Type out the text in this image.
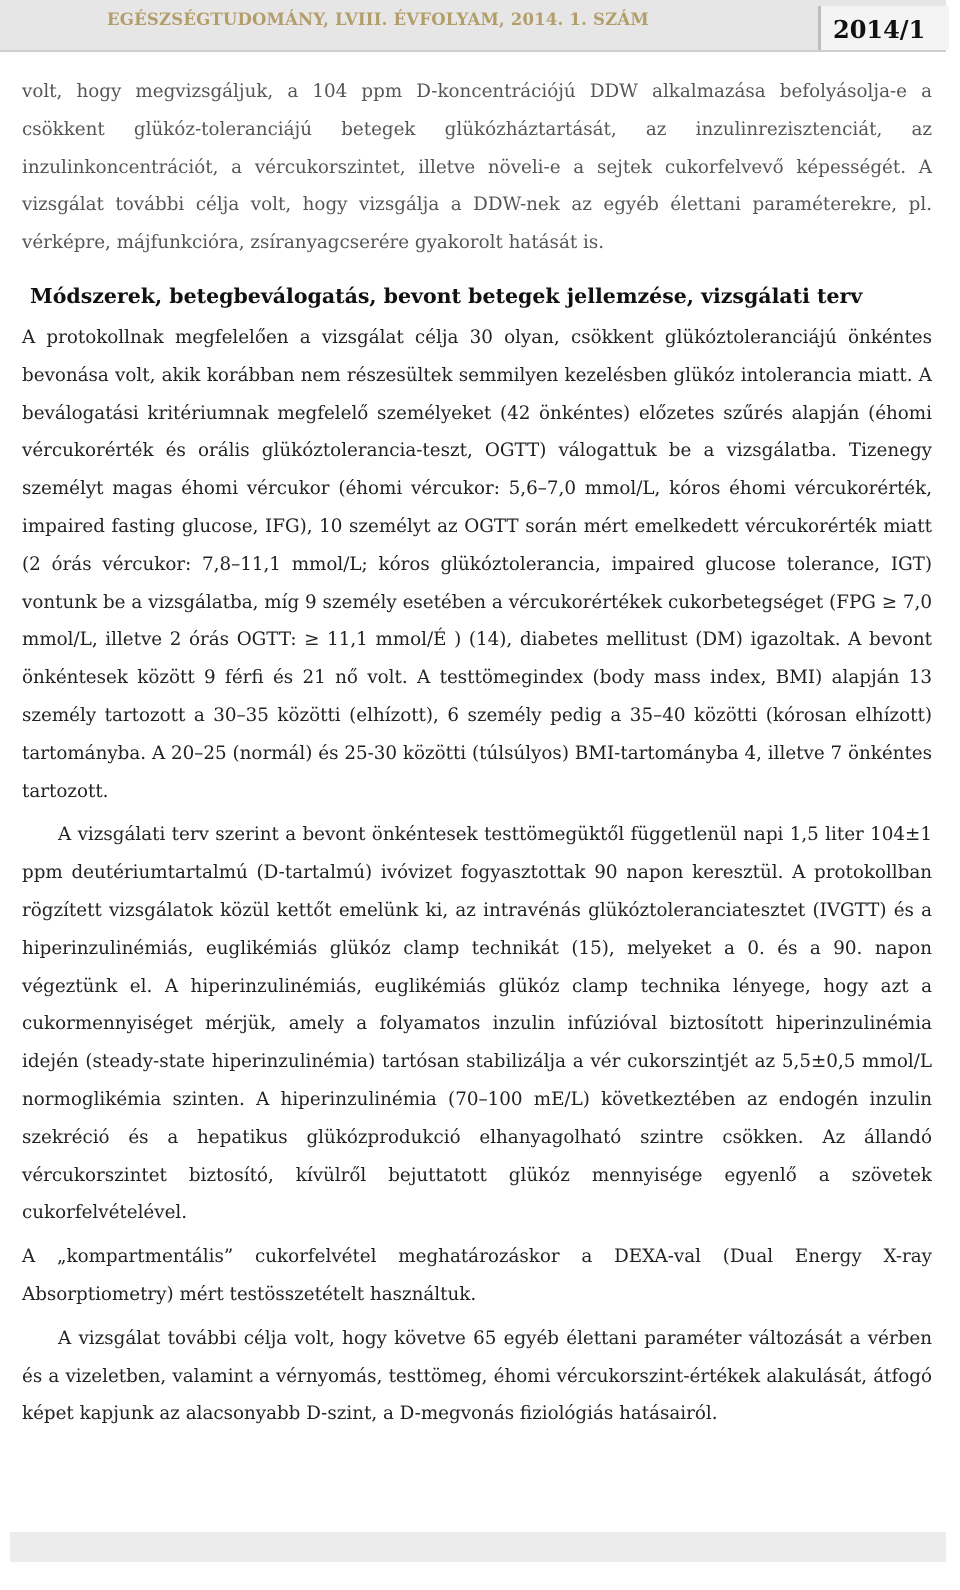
EGÉSZSÉGTUDOMÁNY, LVIII. ÉVFOLYAM, 2014. 1. SZÁM	2014/1

volt, hogy megvizsgáljuk, a 104 ppm D-koncentrációjú DDW alkalmazása befolyásolja-e a csökkent glükóz-toleranciájú betegek glükózháztartását, az inzulinrezisztenciát, az inzulinkoncentrációt, a vércukorszintet, illetve növeli-e a sejtek cukorfelvevő képességét. A vizsgálat további célja volt, hogy vizsgálja a DDW-nek az egyéb élettani paraméterekre, pl. vérképre, májfunkcióra, zsíranyagcserére gyakorolt hatását is.

Módszerek, betegbeválogatás, bevont betegek jellemzése, vizsgálati terv

A protokollnak megfelelően a vizsgálat célja 30 olyan, csökkent glükóztoleranciájú önkéntes bevonása volt, akik korábban nem részesültek semmilyen kezelésben glükóz intolerancia miatt. A beválogatási kritériumnak megfelelő személyeket (42 önkéntes) előzetes szűrés alapján (éhomi vércukorérték és orális glükóztolerancia-teszt, OGTT) válogattuk be a vizsgálatba. Tizenegy személyt magas éhomi vércukor (éhomi vércukor: 5,6–7,0 mmol/L, kóros éhomi vércukorérték, impaired fasting glucose, IFG), 10 személyt az OGTT során mért emelkedett vércukorérték miatt (2 órás vércukor: 7,8–11,1 mmol/L; kóros glükóztolerancia, impaired glucose tolerance, IGT) vontunk be a vizsgálatba, míg 9 személy esetében a vércukorértékek cukorbetegséget (FPG ≥ 7,0 mmol/L, illetve 2 órás OGTT: ≥ 11,1 mmol/É ) (14), diabetes mellitust (DM) igazoltak. A bevont önkéntesek között 9 férfi és 21 nő volt. A testtömegindex (body mass index, BMI) alapján 13 személy tartozott a 30–35 közötti (elhízott), 6 személy pedig a 35–40 közötti (kórosan elhízott) tartományba. A 20–25 (normál) és 25-30 közötti (túlsúlyos) BMI-tartományba 4, illetve 7 önkéntes tartozott.

A vizsgálati terv szerint a bevont önkéntesek testtömegüktől függetlenül napi 1,5 liter 104±1 ppm deutériumtartalmú (D-tartalmú) ivóvizet fogyasztottak 90 napon keresztül. A protokollban rögzített vizsgálatok közül kettőt emelünk ki, az intravénás glükóztoleranciatesztet (IVGTT) és a hiperinzulinémiás, euglikémiás glükóz clamp technikát (15), melyeket a 0. és a 90. napon végeztünk el. A hiperinzulinémiás, euglikémiás glükóz clamp technika lényege, hogy azt a cukormennyiséget mérjük, amely a folyamatos inzulin infúzióval biztosított hiperinzulinémia idején (steady-state hiperinzulinémia) tartósan stabilizálja a vér cukorszintjét az 5,5±0,5 mmol/L normoglikémia szinten. A hiperinzulinémia (70–100 mE/L) következtében az endogén inzulin szekréció és a hepatikus glükózprodukció elhanyagolható szintre csökken. Az állandó vércukorszintet biztosító, kívülről bejuttatott glükóz mennyisége egyenlő a szövetek cukorfelvételével.

A „kompartmentális” cukorfelvétel meghatározáskor a DEXA-val (Dual Energy X-ray Absorptiometry) mért testösszetételt használtuk.

A vizsgálat további célja volt, hogy követve 65 egyéb élettani paraméter változását a vérben és a vizeletben, valamint a vérnyomás, testtömeg, éhomi vércukorszint-értékek alakulását, átfogó képet kapjunk az alacsonyabb D-szint, a D-megvonás fiziológiás hatásairól.
